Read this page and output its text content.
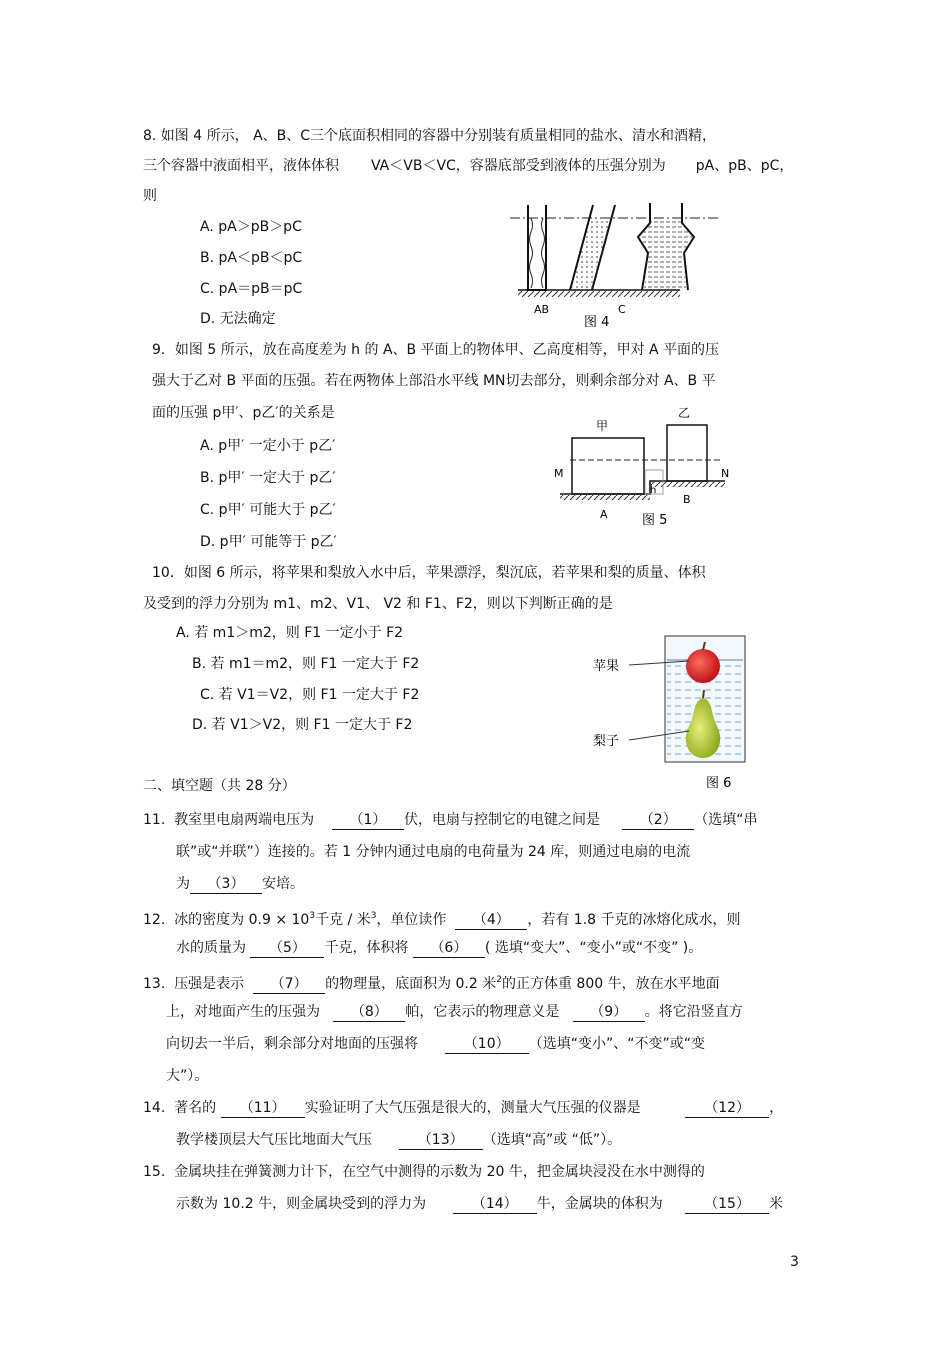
8. 如图 4 所示， A、B、C三个底面积相同的容器中分别装有质量相同的盐水、清水和酒精，
三个容器中液面相平，液体体积 VA＜VB＜VC，容器底部受到液体的压强分别为 pA、pB、pC，
则
A. pA＞pB＞pC
B. pA＜pB＜pC
C. pA＝pB＝pC
D. 无法确定
AB	C
图 4
9．如图 5 所示，放在高度差为 h 的 A、B 平面上的物体甲、乙高度相等，甲对 A 平面的压
强大于乙对 B 平面的压强。若在两物体上部沿水平线 MN切去部分，则剩余部分对 A、B 平
面的压强 p甲′、p乙′的关系是
A. p甲′ 一定小于 p乙′
B. p甲′ 一定大于 p乙′
C. p甲′ 可能大于 p乙′
D. p甲′ 可能等于 p乙′
甲
乙
M	N
h
B
A	图 5
10．如图 6 所示，将苹果和梨放入水中后，苹果漂浮，梨沉底，若苹果和梨的质量、体积
及受到的浮力分别为 m1、m2、V1、 V2 和 F1、F2，则以下判断正确的是
A. 若 m1＞m2，则 F1 一定小于 F2
B. 若 m1＝m2，则 F1 一定大于 F2
C. 若 V1＝V2，则 F1 一定大于 F2
D. 若 V1＞V2，则 F1 一定大于 F2
苹果
梨子
图 6
二、填空题（共 28 分）
11. 教室里电扇两端电压为	（1） 伏，电扇与控制它的电键之间是	（2） （选填“串
联”或“并联”）连接的。若 1 分钟内通过电扇的电荷量为 24 库，则通过电扇的电流
为 （3） 安培。
12. 冰的密度为 $0.9 \times 10^3$千克 / 米$^3$，单位读作 （4） ，若有 1.8 千克的冰熔化成水，则
水的质量为 （5） 千克，体积将 （6） ( 选填“变大”、“变小”或“不变” )。
13. 压强是表示 （7） 的物理量，底面积为 0.2 米$^2$的正方体重 800 牛，放在水平地面
上，对地面产生的压强为 （8） 帕，它表示的物理意义是 （9） 。将它沿竖直方
向切去一半后，剩余部分对地面的压强将	（10） （选填“变小”、“不变”或“变
大”）。
14. 著名的 （11） 实验证明了大气压强是很大的，测量大气压强的仪器是	（12） ，
教学楼顶层大气压比地面大气压	（13） （选填“高”或 “低”）。
15. 金属块挂在弹簧测力计下，在空气中测得的示数为 20 牛，把金属块浸没在水中测得的
示数为 10.2 牛，则金属块受到的浮力为	（14） 牛，金属块的体积为	（15） 米
3
